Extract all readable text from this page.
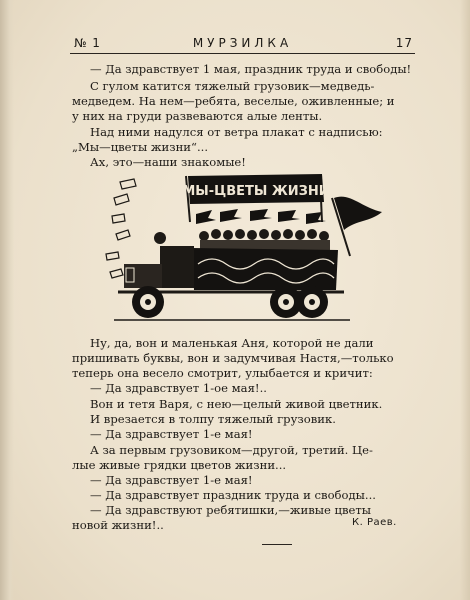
№ 1	МУРЗИЛКА	17
— Да здравствует 1 мая, праздник труда и свободы!
С гулом катится тяжелый грузовик—медведь-
медведем. На нем—ребята, веселые, оживленные; и
у них на груди развеваются алые ленты.
Над ними надулся от ветра плакат с надписью:
„Мы—цветы жизни“...
Ах, это—наши знакомые!
МЫ-ЦВЕТЫ ЖИЗНИ
Ну, да, вон и маленькая Аня, которой не дали
пришивать буквы, вон и задумчивая Настя,—только
теперь она весело смотрит, улыбается и кричит:
— Да здравствует 1-ое мая!..
Вон и тетя Варя, с нею—целый живой цветник.
И врезается в толпу тяжелый грузовик.
— Да здравствует 1-е мая!
А за первым грузовиком—другой, третий. Це-
лые живые грядки цветов жизни...
— Да здравствует 1-е мая!
— Да здравствует праздник труда и свободы...
— Да здравствуют ребятишки,—живые цветы
новой жизни!..	К. Раев.
